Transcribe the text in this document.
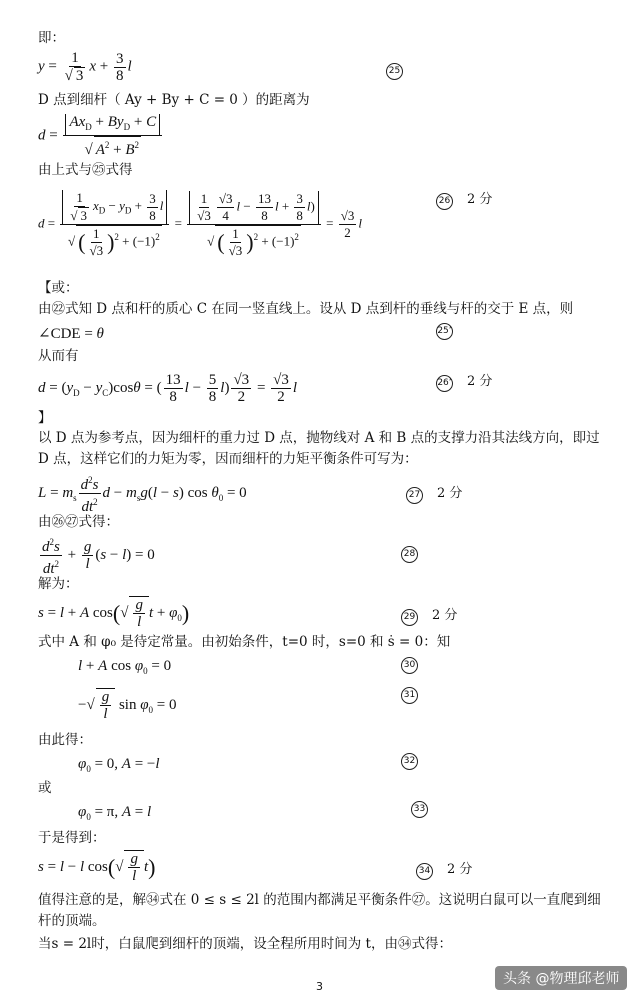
即：
$y = \frac{1}{√ 3}$ $x + \frac{3}{8}$ l	25
D 点到细杆（ Ay + By + C = 0 ）的距离为
$d = \frac{Ax_D + By_D + C}{√ A^2 + B^2}$
由上式与㉕式得
$d = \frac{\frac{1}{√ 3} x_D - y_D + \frac{3}{8} l}{√ ( \frac{1}{√3} )^2 + (-1)^2} = \frac{\frac{1}{√3} \frac{√3}{4} l - \frac{13}{8} l + \frac{3}{8} l)}{√ ( \frac{1}{√3} )^2 + (-1)^2} = \frac{√3}{2}$ l
26 2 分
【或：
由㉒式知 D 点和杆的质心 C 在同一竖直线上。设从 D 点到杆的垂线与杆的交于 E 点，则
∠CDE = θ	25’
从而有
$d = (y_D - y_C)\cos\theta$ = ( $\frac{13}{8}$ $l - \frac{5}{8} l) \frac{√3}{2} = \frac{√3}{2}$ l	26’ 2 分
】
以 D 点为参考点，因为细杆的重力过 D 点，抛物线对 A 和 B 点的支撑力沿其法线方向，即过 D 点，这样它们的力矩为零，因而细杆的力矩平衡条件可写为：
$L = m_s \frac{d^2s}{dt^2}$ $d - m_sg(l - s)$ $\cos \theta_0 = 0$	27 2 分
由㉖㉗式得：
$\frac{d^2s}{dt^2} + \frac{g}{l} (s - l) = 0$	28
解为：
s = l + A $\cos(√ \frac{g}{l}$ $t + \varphi_0$)	29 2 分
式中 A 和 φ₀ 是待定常量。由初始条件，t=0 时，s=0 和 ṡ = 0：知
l + A $\cos \varphi_0 = 0$	30
−√ $\frac{g}{l}$ $\sin \varphi_0 = 0$
31
由此得：
$\varphi_0 = 0$, A = −l	32
或
$\varphi_0 = \pi$, A = l	33
于是得到：
s = l − l $\cos(√ \frac{g}{l} t)$	34 2 分
值得注意的是，解㉞式在 0 ≤ s ≤ 2l 的范围内都满足平衡条件㉗。这说明白鼠可以一直爬到细杆的顶端。
当s = 2l时，白鼠爬到细杆的顶端，设全程所用时间为 t，由㉞式得：
3	头条 @物理邱老师
